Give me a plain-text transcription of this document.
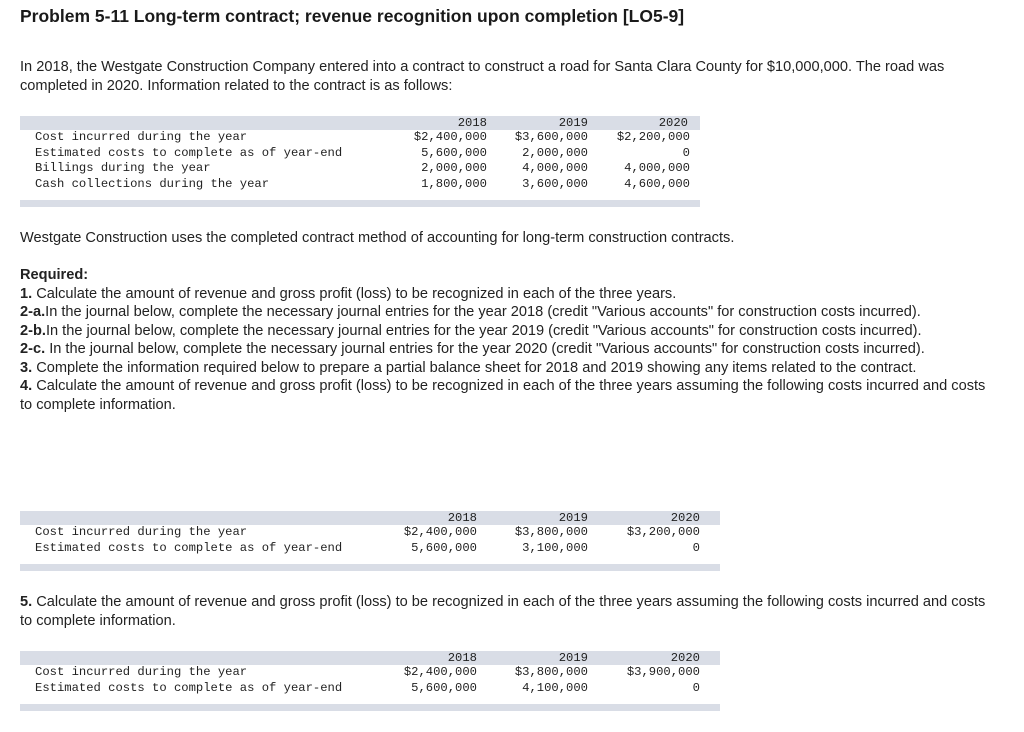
Problem 5-11 Long-term contract; revenue recognition upon completion [LO5-9]

In 2018, the Westgate Construction Company entered into a contract to construct a road for Santa Clara County for $10,000,000. The road was completed in 2020. Information related to the contract is as follows:

2018	2019	2020
Cost incurred during the year	$2,400,000	$3,600,000	$2,200,000
Estimated costs to complete as of year-end	5,600,000	2,000,000	0
Billings during the year	2,000,000	4,000,000	4,000,000
Cash collections during the year	1,800,000	3,600,000	4,600,000

Westgate Construction uses the completed contract method of accounting for long-term construction contracts.

Required:
1. Calculate the amount of revenue and gross profit (loss) to be recognized in each of the three years.
2-a.In the journal below, complete the necessary journal entries for the year 2018 (credit "Various accounts" for construction costs incurred).
2-b.In the journal below, complete the necessary journal entries for the year 2019 (credit "Various accounts" for construction costs incurred).
2-c. In the journal below, complete the necessary journal entries for the year 2020 (credit "Various accounts" for construction costs incurred).
3. Complete the information required below to prepare a partial balance sheet for 2018 and 2019 showing any items related to the contract.
4. Calculate the amount of revenue and gross profit (loss) to be recognized in each of the three years assuming the following costs incurred and costs to complete information.
2018	2019	2020
Cost incurred during the year	$2,400,000	$3,800,000	$3,200,000
Estimated costs to complete as of year-end	5,600,000	3,100,000	0
5. Calculate the amount of revenue and gross profit (loss) to be recognized in each of the three years assuming the following costs incurred and costs to complete information.
2018	2019	2020
Cost incurred during the year	$2,400,000	$3,800,000	$3,900,000
Estimated costs to complete as of year-end	5,600,000	4,100,000	0
